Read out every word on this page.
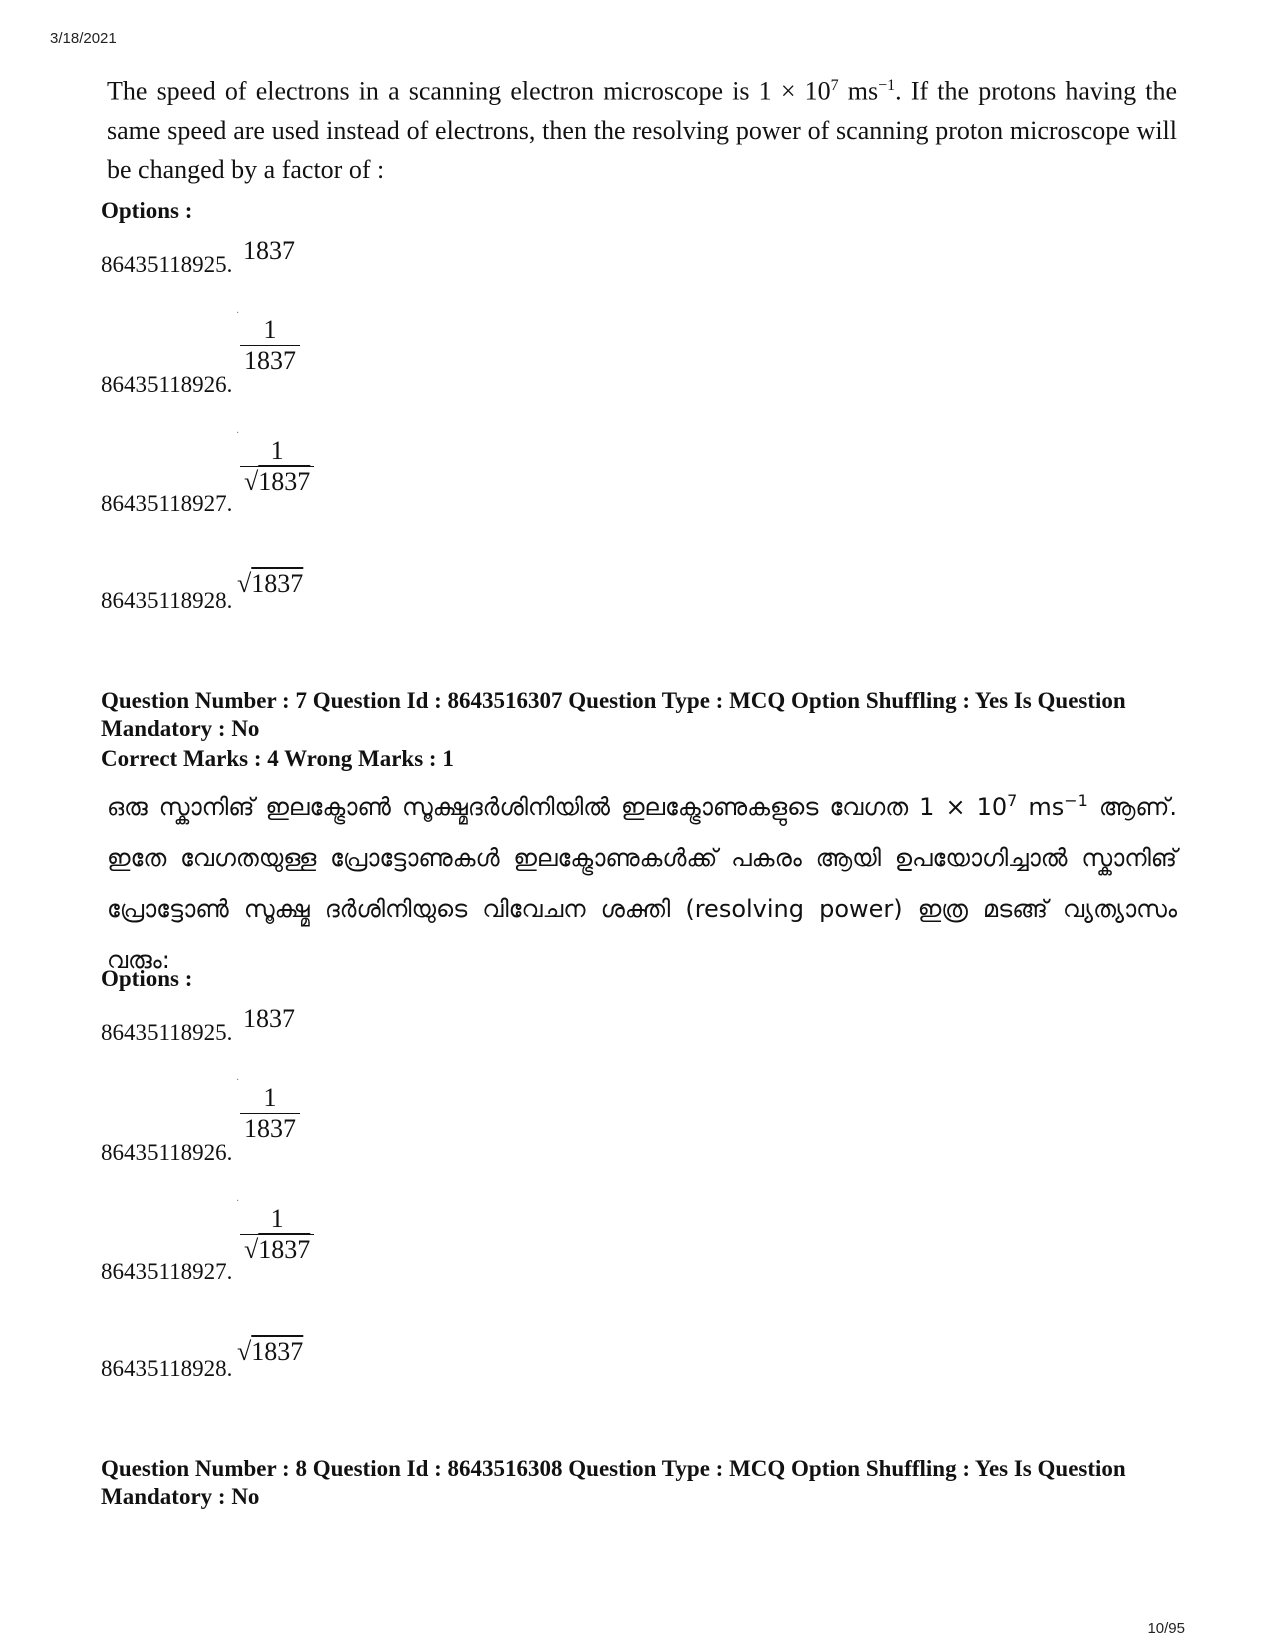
3/18/2021
The speed of electrons in a scanning electron microscope is $1 \times 10^7$ $ms^{-1}$. If the protons having the same speed are used instead of electrons, then the resolving power of scanning proton microscope will be changed by a factor of :
Options :
86435118925. 1837
·
86435118926.
$\frac{1}{1837}$
·
86435118927.
$\frac{1}{√1837}$
86435118928.
√1837
Question Number : 7 Question Id : 8643516307 Question Type : MCQ Option Shuffling : Yes Is Question Mandatory : No
Correct Marks : 4 Wrong Marks : 1
ഒരു സ്കാനിങ് ഇലക്ട്രോൺ സൂക്ഷ്മദർശിനിയിൽ ഇലക്ട്രോണുകളുടെ വേഗത $1 \times 10^7$ $ms^{-1}$ ആണ്. ഇതേ വേഗതയുള്ള പ്രോട്ടോണുകൾ ഇലക്ട്രോണുകൾക്ക് പകരം ആയി ഉപയോഗിച്ചാൽ സ്കാനിങ് പ്രോട്ടോൺ സൂക്ഷ്മ ദർശിനിയുടെ വിവേചന ശക്തി (resolving power) ഇത്ര മടങ്ങ് വ്യത്യാസം വരും:
Options :
86435118925. 1837
·
86435118926.
$\frac{1}{1837}$
·
86435118927.
$\frac{1}{√1837}$
86435118928.
√1837
Question Number : 8 Question Id : 8643516308 Question Type : MCQ Option Shuffling : Yes Is Question Mandatory : No
10/95
